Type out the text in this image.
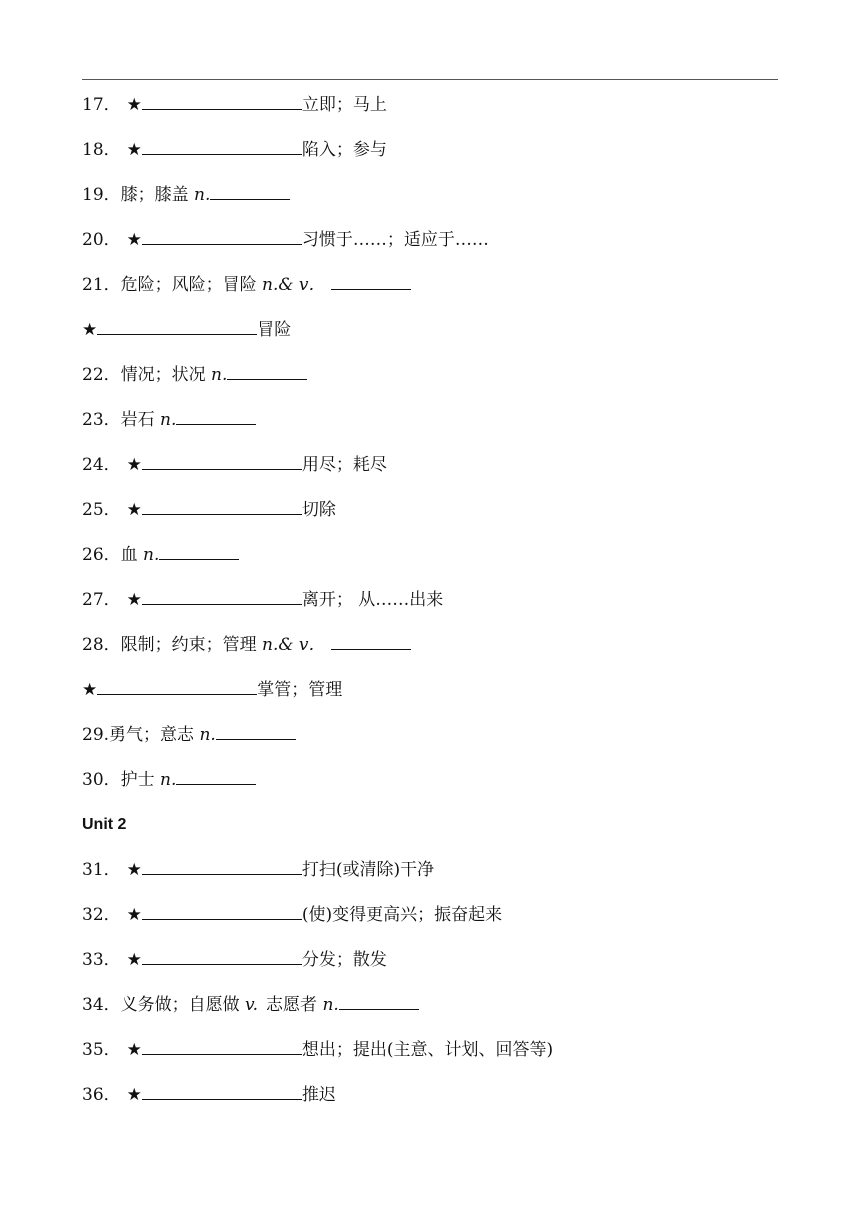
17． ★	立即；马上
18． ★	陷入；参与
19．膝；膝盖 n.
20． ★	习惯于……；适应于……
21．危险；风险；冒险 n.& v．
★	冒险
22．情况；状况 n.
23．岩石 n.
24． ★	用尽；耗尽
25． ★	切除
26．血 n.
27． ★	离开； 从……出来
28．限制；约束；管理 n.& v．
★	掌管；管理
29.勇气；意志 n.
30．护士 n.
Unit 2
31． ★	打扫(或清除)干净
32． ★	(使)变得更高兴；振奋起来
33． ★	分发；散发
34．义务做；自愿做 v. 志愿者 n.
35． ★	想出；提出(主意、计划、回答等)
36． ★	推迟
